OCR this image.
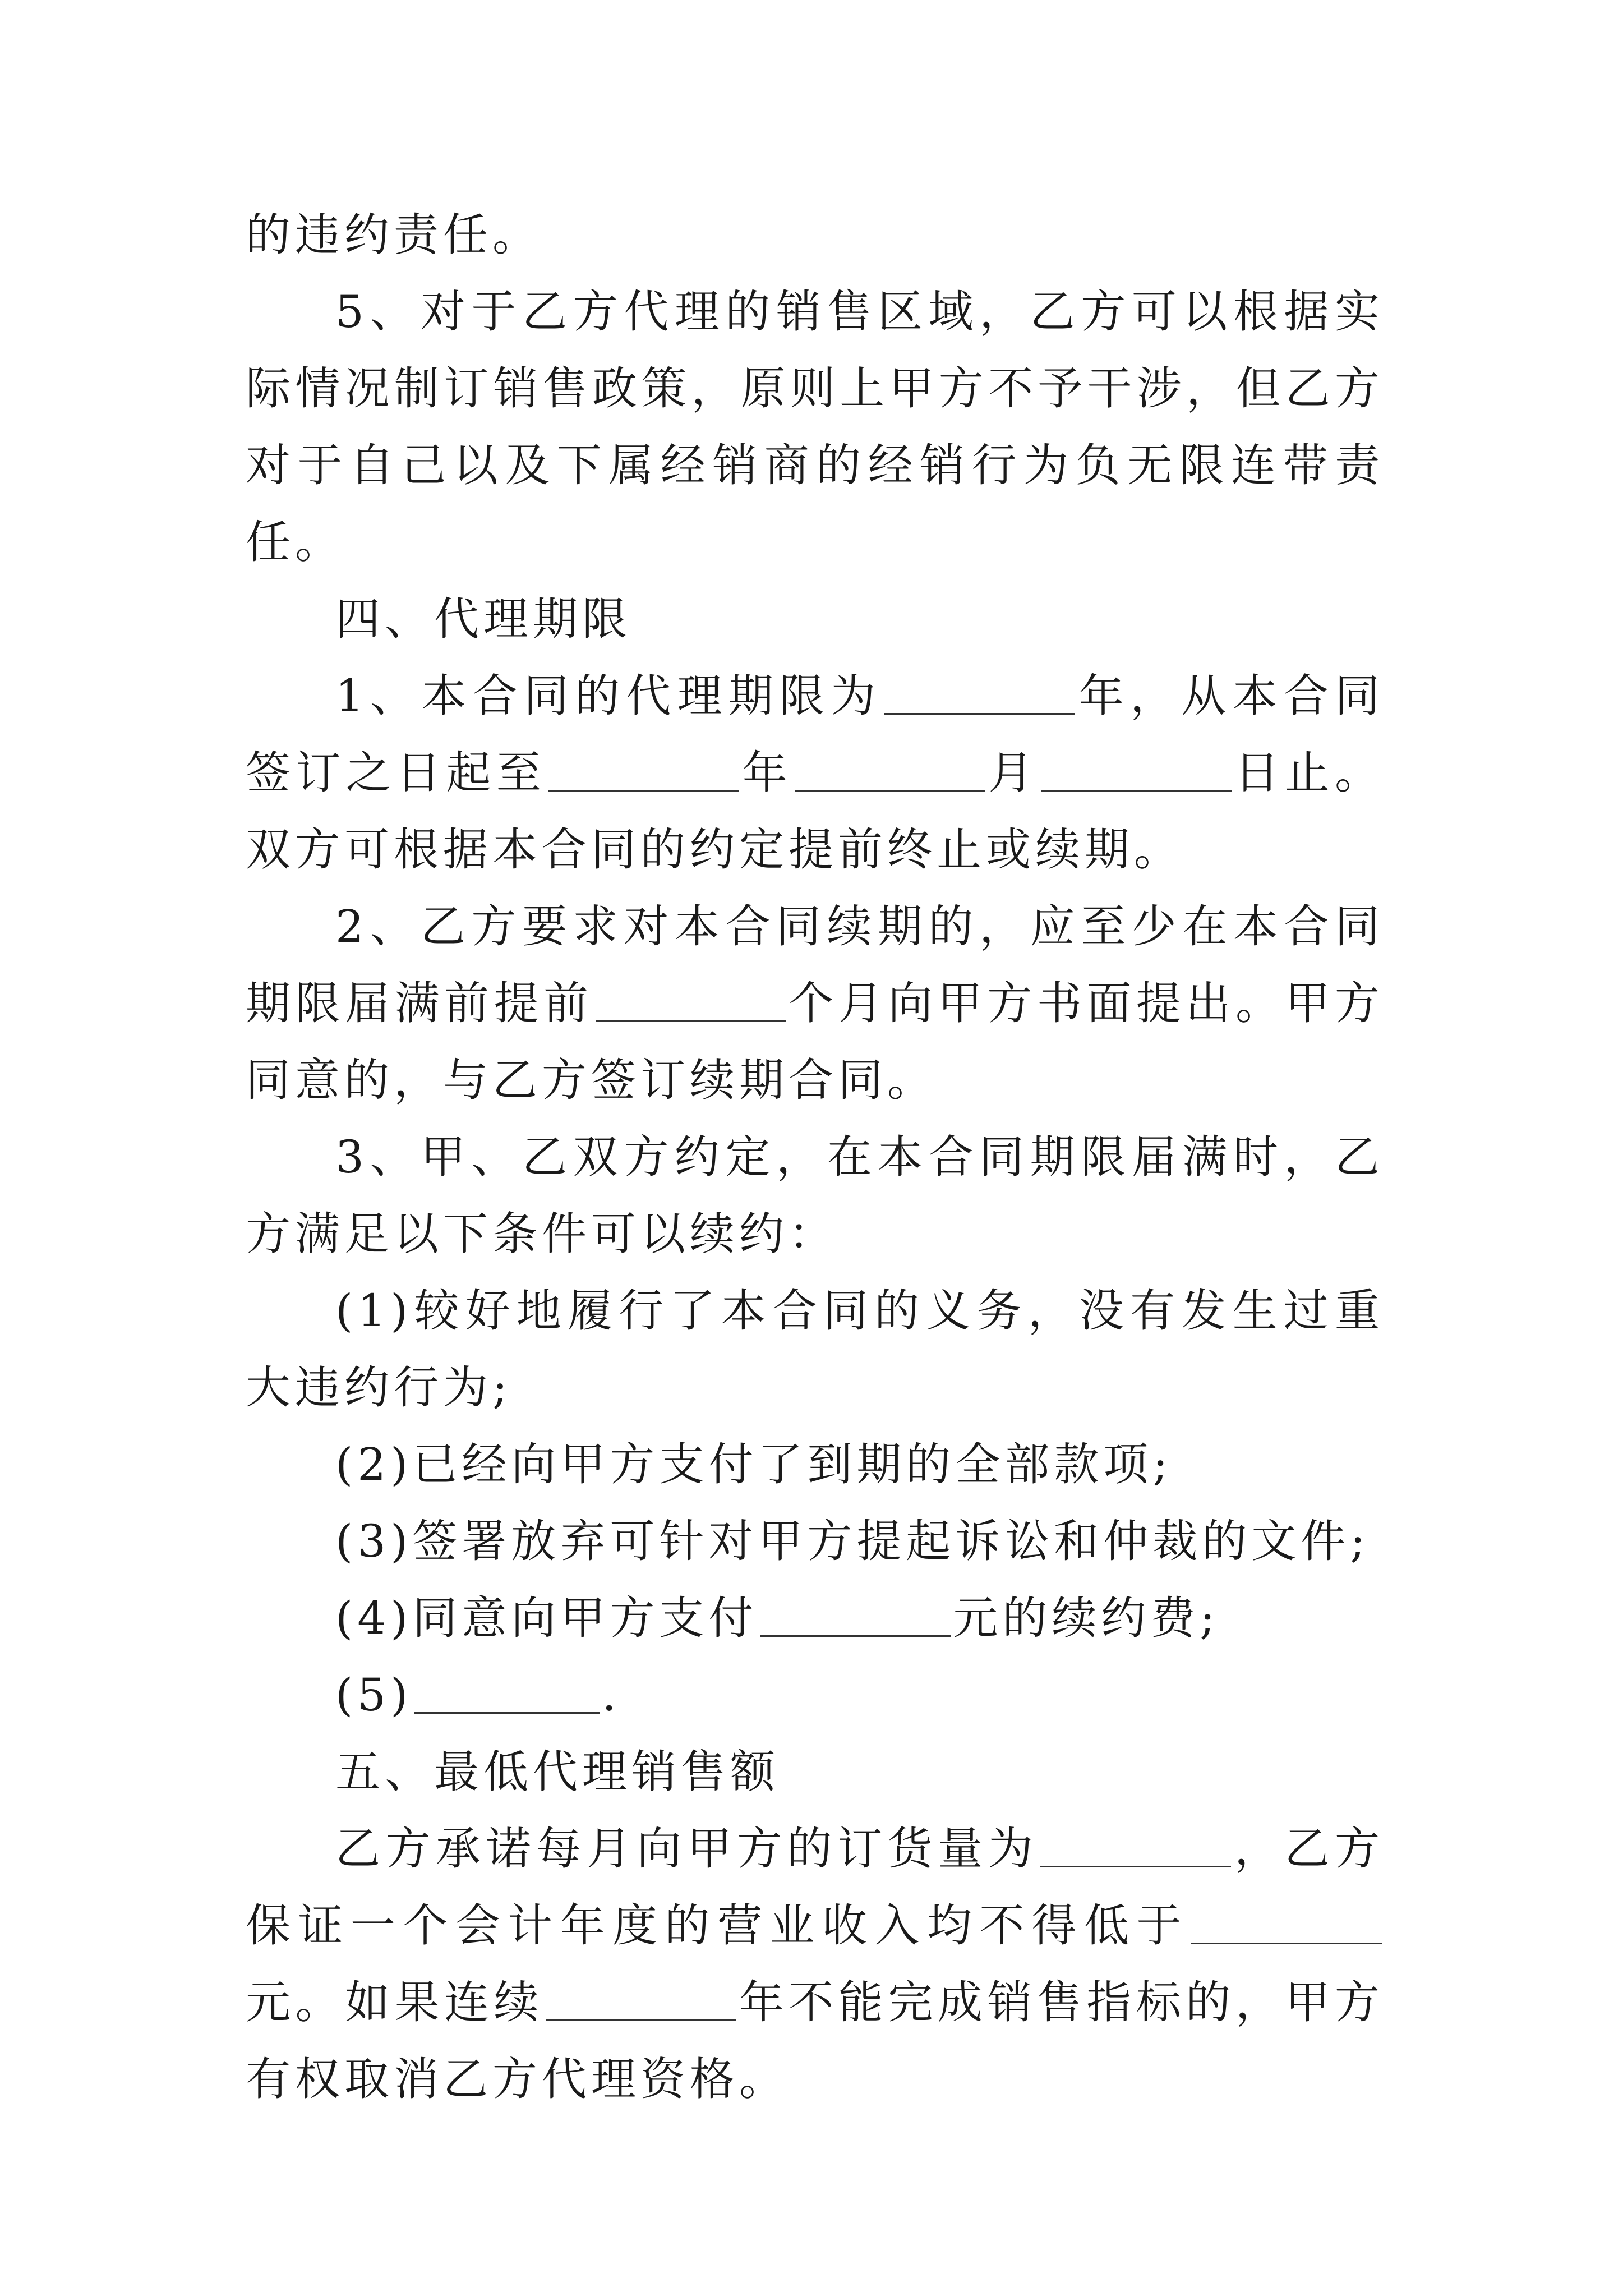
的违约责任。

5、对于乙方代理的销售区域，乙方可以根据实际情况制订销售政策，原则上甲方不予干涉，但乙方对于自己以及下属经销商的经销行为负无限连带责任。

四、代理期限

1、本合同的代理期限为	年，从本合同签订之日起至	年	月	日止。双方可根据本合同的约定提前终止或续期。

2、乙方要求对本合同续期的，应至少在本合同期限届满前提前	个月向甲方书面提出。甲方同意的，与乙方签订续期合同。

3、甲、乙双方约定，在本合同期限届满时，乙方满足以下条件可以续约：

(1)较好地履行了本合同的义务，没有发生过重大违约行为;

(2)已经向甲方支付了到期的全部款项;

(3)签署放弃可针对甲方提起诉讼和仲裁的文件;

(4)同意向甲方支付	元的续约费;

(5)	.

五、最低代理销售额

乙方承诺每月向甲方的订货量为	，乙方保证一个会计年度的营业收入均不得低于元。如果连续	年不能完成销售指标的，甲方有权取消乙方代理资格。
